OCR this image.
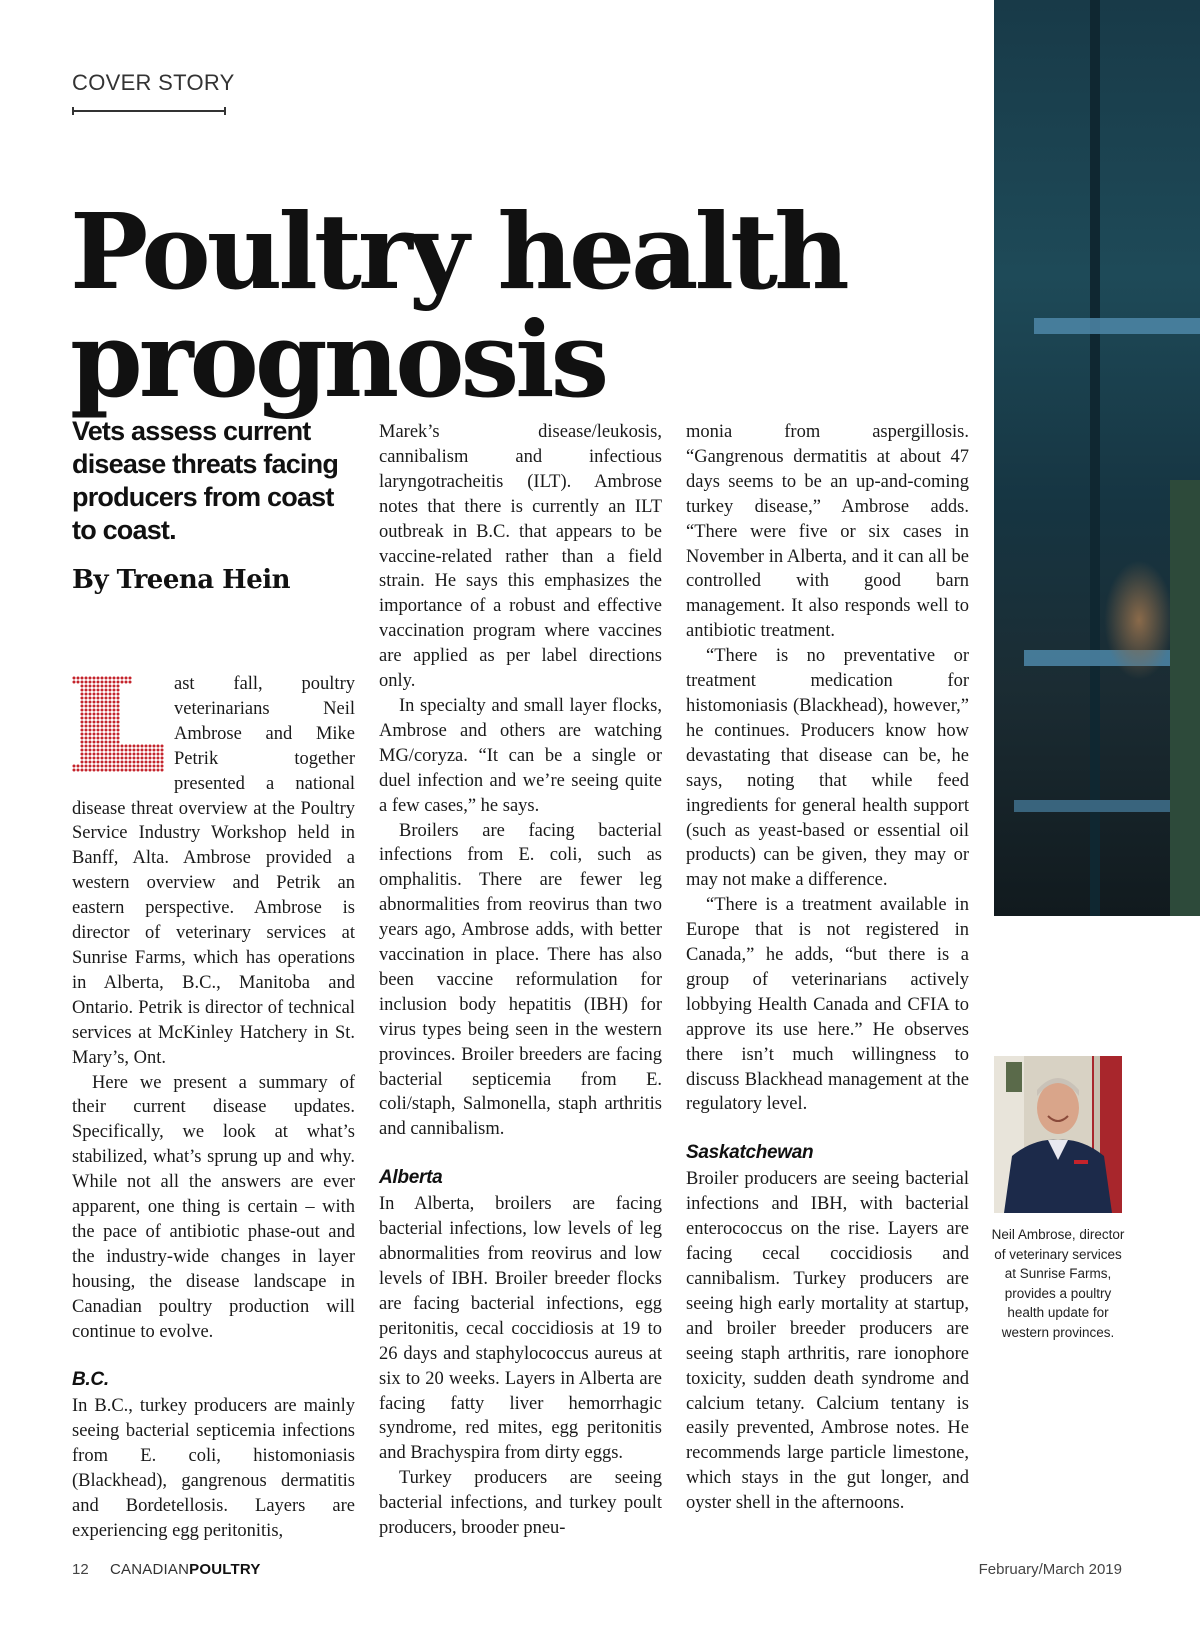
COVER STORY
Poultry health
prognosis
Vets assess current disease threats facing producers from coast to coast.
By Treena Hein

ast fall, poultry veterinarians Neil Ambrose and Mike Petrik together presented a national disease threat overview at the Poultry Service Industry Workshop held in Banff, Alta. Ambrose provided a western overview and Petrik an eastern perspective. Ambrose is director of veterinary services at Sunrise Farms, which has operations in Alberta, B.C., Manitoba and Ontario. Petrik is director of technical services at McKinley Hatchery in St. Mary’s, Ont.

Here we present a summary of their current disease updates. Specifically, we look at what’s stabilized, what’s sprung up and why. While not all the answers are ever apparent, one thing is certain – with the pace of antibiotic phase-out and the industry-wide changes in layer housing, the disease landscape in Canadian poultry production will continue to evolve.

B.C.

In B.C., turkey producers are mainly seeing bacterial septicemia infections from E. coli, histomoniasis (Blackhead), gangrenous dermatitis and Bordetellosis. Layers are experiencing egg peritonitis,

Marek’s disease/leukosis, cannibalism and infectious laryngotracheitis (ILT). Ambrose notes that there is currently an ILT outbreak in B.C. that appears to be vaccine-related rather than a field strain. He says this emphasizes the importance of a robust and effective vaccination program where vaccines are applied as per label directions only.

In specialty and small layer flocks, Ambrose and others are watching MG/coryza. “It can be a single or duel infection and we’re seeing quite a few cases,” he says.

Broilers are facing bacterial infections from E. coli, such as omphalitis. There are fewer leg abnormalities from reovirus than two years ago, Ambrose adds, with better vaccination in place. There has also been vaccine reformulation for inclusion body hepatitis (IBH) for virus types being seen in the western provinces. Broiler breeders are facing bacterial septicemia from E. coli/staph, Salmonella, staph arthritis and cannibalism.

Alberta

In Alberta, broilers are facing bacterial infections, low levels of leg abnormalities from reovirus and low levels of IBH. Broiler breeder flocks are facing bacterial infections, egg peritonitis, cecal coccidiosis at 19 to 26 days and staphylococcus aureus at six to 20 weeks. Layers in Alberta are facing fatty liver hemorrhagic syndrome, red mites, egg peritonitis and Brachyspira from dirty eggs.

Turkey producers are seeing bacterial infections, and turkey poult producers, brooder pneu-

monia from aspergillosis. “Gangrenous dermatitis at about 47 days seems to be an up-and-coming turkey disease,” Ambrose adds. “There were five or six cases in November in Alberta, and it can all be controlled with good barn management. It also responds well to antibiotic treatment.

“There is no preventative or treatment medication for histomoniasis (Blackhead), however,” he continues. Producers know how devastating that disease can be, he says, noting that while feed ingredients for general health support (such as yeast-based or essential oil products) can be given, they may or may not make a difference.

“There is a treatment available in Europe that is not registered in Canada,” he adds, “but there is a group of veterinarians actively lobbying Health Canada and CFIA to approve its use here.” He observes there isn’t much willingness to discuss Blackhead management at the regulatory level.

Saskatchewan

Broiler producers are seeing bacterial infections and IBH, with bacterial enterococcus on the rise. Layers are facing cecal coccidiosis and cannibalism. Turkey producers are seeing high early mortality at startup, and broiler breeder producers are seeing staph arthritis, rare ionophore toxicity, sudden death syndrome and calcium tetany. Calcium tentany is easily prevented, Ambrose notes. He recommends large particle limestone, which stays in the gut longer, and oyster shell in the afternoons.

Neil Ambrose, director of veterinary services at Sunrise Farms, provides a poultry health update for western provinces.
12 CANADIANPOULTRY	February/March 2019
